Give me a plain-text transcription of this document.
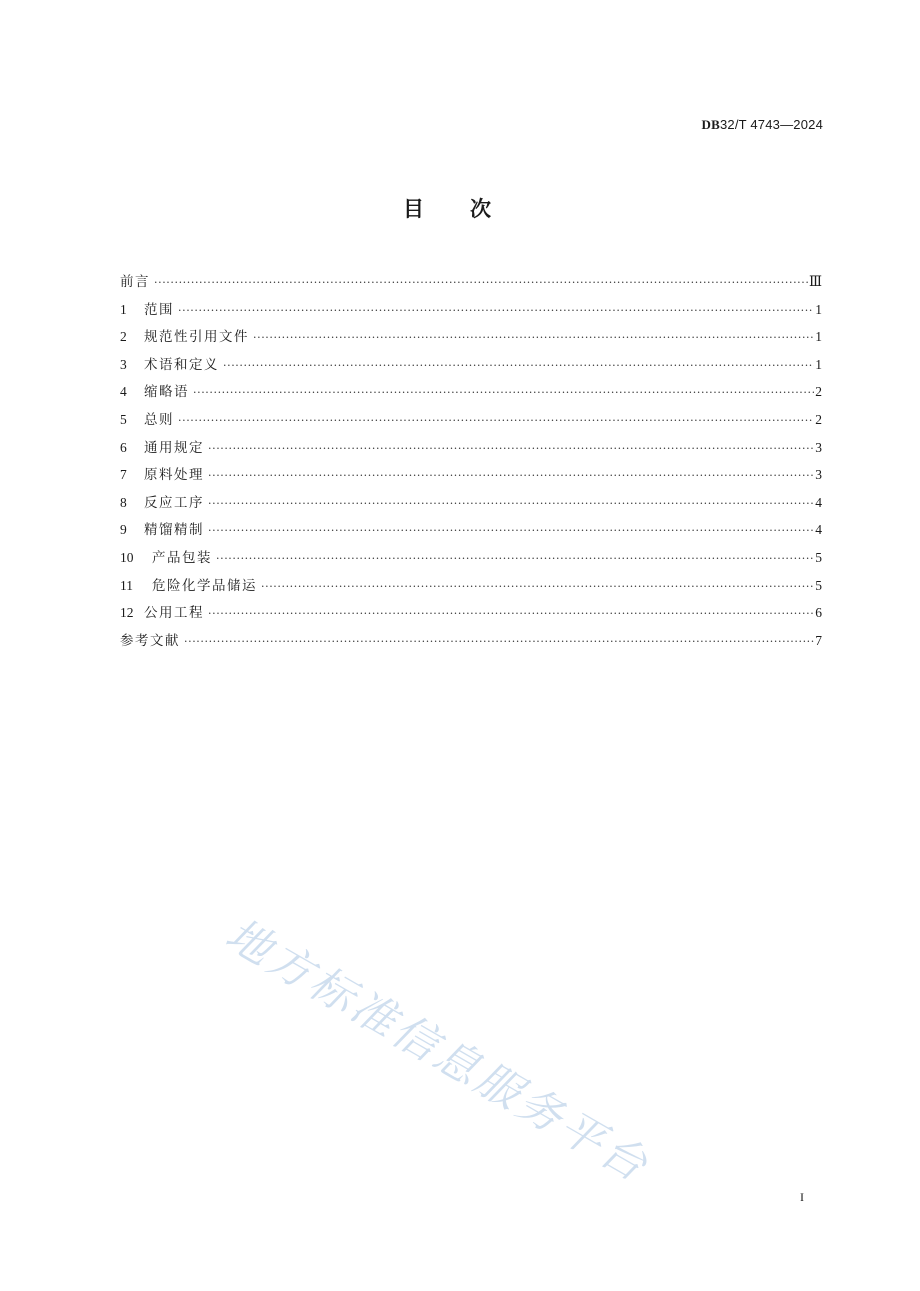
DB32/T 4743—2024
目次
前言 ·····	Ⅲ
1	范围 ·····	1
2	规范性引用文件 ·····	1
3	术语和定义 ·····	1
4	缩略语 ·····	2
5	总则 ·····	2
6	通用规定 ·····	3
7	原料处理 ·····	3
8	反应工序 ·····	4
9	精馏精制 ·····	4
10	产品包装 ·····	5
11	危险化学品储运 ·····	5
12 公用工程 ·····	6
参考文献 ·····	7
地方标准信息服务平台
I
